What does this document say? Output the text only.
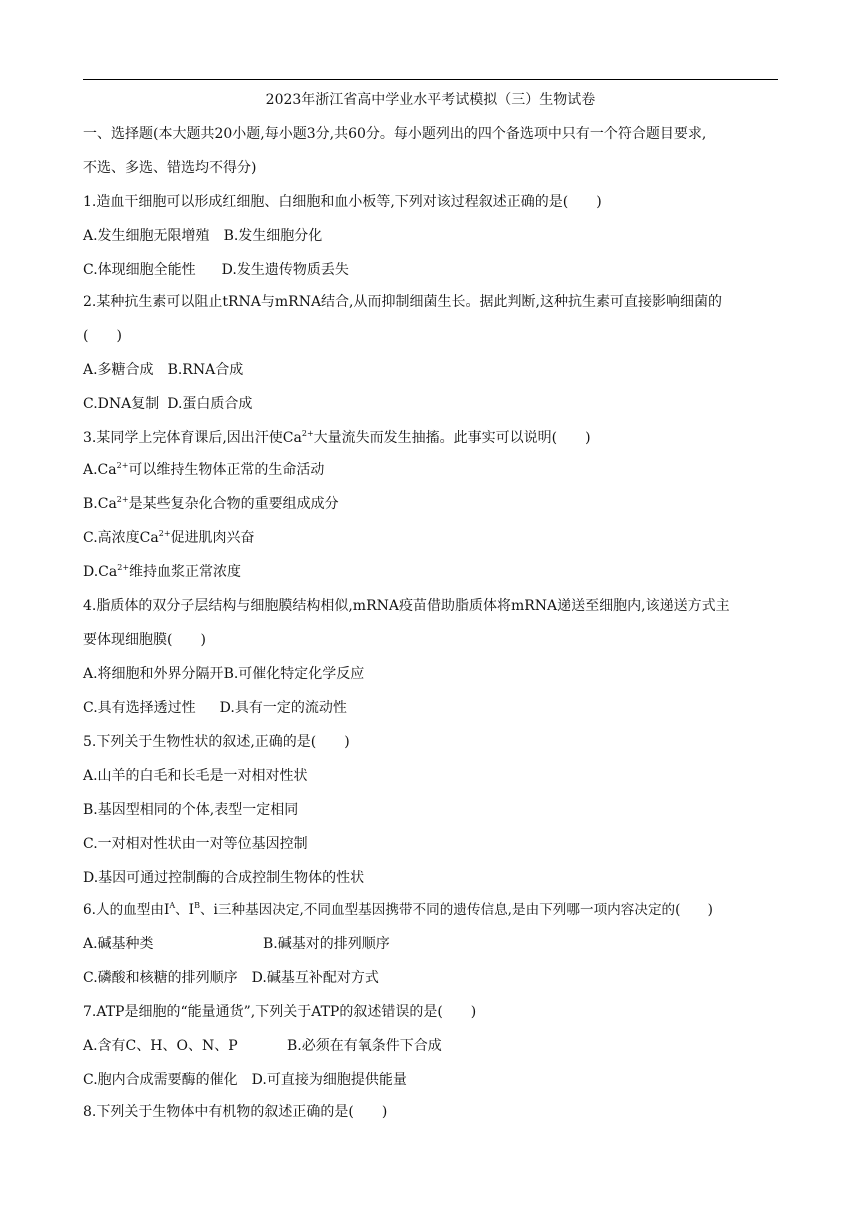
2023年浙江省高中学业水平考试模拟（三）生物试卷
一、选择题(本大题共20小题,每小题3分,共60分。每小题列出的四个备选项中只有一个符合题目要求,
不选、多选、错选均不得分)
1.造血干细胞可以形成红细胞、白细胞和血小板等,下列对该过程叙述正确的是(　　)
A.发生细胞无限增殖 B.发生细胞分化
C.体现细胞全能性 D.发生遗传物质丢失
2.某种抗生素可以阻止tRNA与mRNA结合,从而抑制细菌生长。据此判断,这种抗生素可直接影响细菌的
(　　)
A.多糖合成 B.RNA合成
C.DNA复制 D.蛋白质合成
3.某同学上完体育课后,因出汗使$Ca^{2+}$大量流失而发生抽搐。此事实可以说明(　　)
$A.Ca^{2+}$可以维持生物体正常的生命活动
$B.Ca^{2+}$是某些复杂化合物的重要组成成分
C.高浓度$Ca^{2+}$促进肌肉兴奋
$D.Ca^{2+}$维持血浆正常浓度
4.脂质体的双分子层结构与细胞膜结构相似,mRNA疫苗借助脂质体将mRNA递送至细胞内,该递送方式主
要体现细胞膜(　　)
A.将细胞和外界分隔开B.可催化特定化学反应
C.具有选择透过性 D.具有一定的流动性
5.下列关于生物性状的叙述,正确的是(　　)
A.山羊的白毛和长毛是一对相对性状
B.基因型相同的个体,表型一定相同
C.一对相对性状由一对等位基因控制
D.基因可通过控制酶的合成控制生物体的性状
6.人的血型由$I^A$、$I^B$、i三种基因决定,不同血型基因携带不同的遗传信息,是由下列哪一项内容决定的(　　)
A.碱基种类	B.碱基对的排列顺序
C.磷酸和核糖的排列顺序 D.碱基互补配对方式
7.ATP是细胞的“能量通货”,下列关于ATP的叙述错误的是(　　)
A.含有C、H、O、N、P	B.必须在有氧条件下合成
C.胞内合成需要酶的催化 D.可直接为细胞提供能量
8.下列关于生物体中有机物的叙述正确的是(　　)
